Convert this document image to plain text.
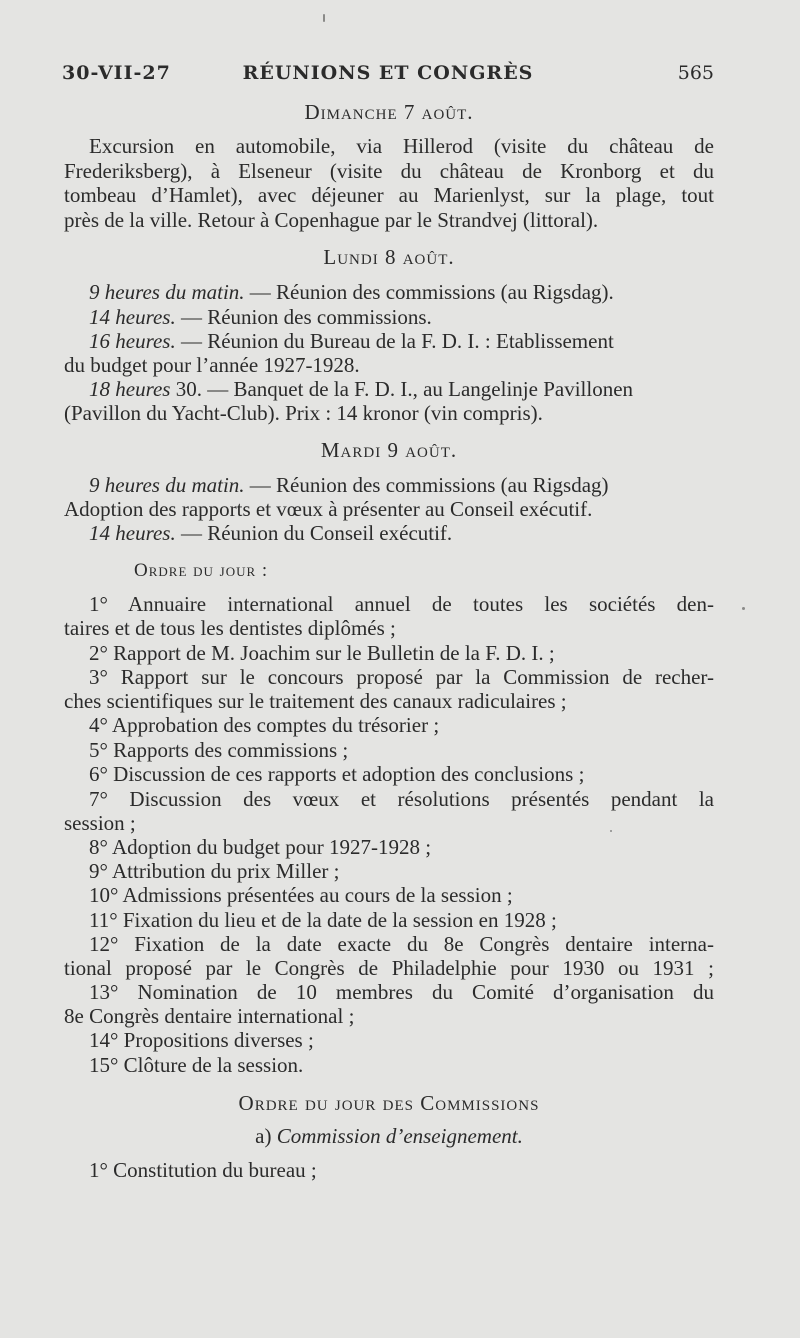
RÉUNIONS ET CONGRÈS
30-VII-27	565
Dimanche 7 août.
Excursion en automobile, via Hillerod (visite du château de
Frederiksberg), à Elseneur (visite du château de Kronborg et du
tombeau d’Hamlet), avec déjeuner au Marienlyst, sur la plage, tout
près de la ville. Retour à Copenhague par le Strandvej (littoral).
Lundi 8 août.
9 heures du matin. — Réunion des commissions (au Rigsdag).
14 heures. — Réunion des commissions.
16 heures. — Réunion du Bureau de la F. D. I. : Etablissement
du budget pour l’année 1927-1928.
18 heures 30. — Banquet de la F. D. I., au Langelinje Pavillonen
(Pavillon du Yacht-Club). Prix : 14 kronor (vin compris).
Mardi 9 août.
9 heures du matin. — Réunion des commissions (au Rigsdag)
Adoption des rapports et vœux à présenter au Conseil exécutif.
14 heures. — Réunion du Conseil exécutif.
Ordre du jour :
1° Annuaire international annuel de toutes les sociétés den-
taires et de tous les dentistes diplômés ;
2° Rapport de M. Joachim sur le Bulletin de la F. D. I. ;
3° Rapport sur le concours proposé par la Commission de recher-
ches scientifiques sur le traitement des canaux radiculaires ;
4° Approbation des comptes du trésorier ;
5° Rapports des commissions ;
6° Discussion de ces rapports et adoption des conclusions ;
7° Discussion des vœux et résolutions présentés pendant la
session ;
8° Adoption du budget pour 1927-1928 ;
9° Attribution du prix Miller ;
10° Admissions présentées au cours de la session ;
11° Fixation du lieu et de la date de la session en 1928 ;
12° Fixation de la date exacte du 8e Congrès dentaire interna-
tional proposé par le Congrès de Philadelphie pour 1930 ou 1931 ;
13° Nomination de 10 membres du Comité d’organisation du
8e Congrès dentaire international ;
14° Propositions diverses ;
15° Clôture de la session.
Ordre du jour des Commissions
a) Commission d’enseignement.
1° Constitution du bureau ;
